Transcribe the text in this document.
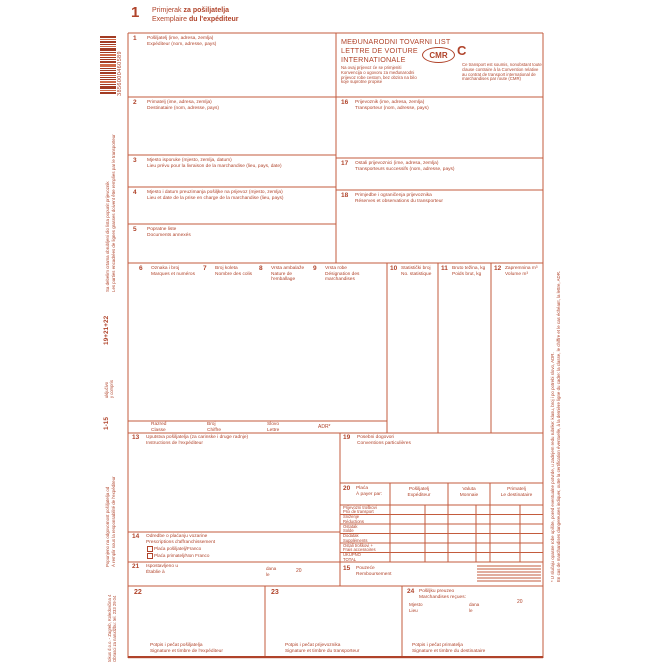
1 Primjerak za pošiljatelja
Exemplaire du l'expéditeur
3856000460589
MEĐUNARODNI TOVARNI LIST
LETTRE DE VOITURE
INTERNATIONALE	CMR C
Na ovaj prijevoz će se primjeniti Konvencija o ugovoru za međunarodni prijevoz robe cestom, bez obzira na bilo koje suprotne propise
Ce transport est soumis, nonobstant toute clause contraire à la Convention relative au contrat de transport international de marchandises par route (CMR)
1 Pošiljatelj (ime, adresa, zemlja)
Expéditeur (nom, adresse, pays)
2 Primatelj (ime, adresa, zemlja)
Destinataire (nom, adresse, pays)
3 Mjesto isporuke (mjesto, zemlja, datum)
Lieu prévu pour la livraison de la marchandise (lieu, pays, date)
4 Mjesto i datum preuzimanja pošiljke na prijevoz (mjesto, zemlja)
Lieu et date de la prise en charge de la marchandise (lieu, pays)
5 Popratne liste
Documents annexés
16 Prijevoznik (ime, adresa, zemlja)
Transporteur (nom, adresse, pays)
17 Ostali prijevoznici (ime, adresa, zemlja)
Transporteurs successifs (nom, adresse, pays)
18 Primjedbe i ograničenja prijevoznika
Réserves et observations du transporteur
6 Oznaka i broj
Marques et numéros
7 Broj koleta
Nombre des colis
8 Vrsta ambalaže
Nature de l'emballage
9 Vrsta robe
Désignation des marchandises
10 Statistički broj
No. statistique
11 Bruto težina, kg
Poids brut, kg
12 Zapremnina m³
Volume m³
Razred
Classe
Broj
Chiffre
Slovo
Lettre
ADR*
13 Uputstva pošiljatelja (za carinske i druge radnje)
Instructions de l'expéditeur
19 Posebni dogovori
Conventions particulières
20 Plaća
À payer par:
Pošiljatelj
Expéditeur
Valuta
Monnaie
Primatelj
Le destinataire
Prijevozni troškovi
Prix de transport
Sniženje
Réductions
Ostatak
Solde
Dodatak
Suppléments
Ostali troškovi +
Frais accessoires
UKUPNO
TOTAL
15 Pouzeće
Remboursement
14 Odredbe o plaćanju vozarine
Prescriptions d'affranchissement
Plaća pošiljatelj/Franco
Plaća primatelj/Non Franco
21 Ispostavljeno u
Établie à
dana
le
20
22
Potpis i pečat pošiljatelja
Signature et timbre de l'expéditeur
23
Potpis i pečat prijevoznika
Signature et timbre du transporteur
24 Pošiljku preuzeo
Marchandises reçues:
Mjesto
Lieu
dana
le
20
Potpis i pečat primatelja
Signature et timbre du destinataire
Sa debelim crtama obrubljeni dio lista popunit prijevoznik Les parties encadrées de lignes grasses doivent être remplies par le transporteur
19+21+22
uključivo y compris
1-15
Popunjeno na odgovornost pošiljatelja od À remplir sous la responsabilité de l'expéditeur
tokus d.o.o. - Zagreb, Koledovčina 4 Obrasci za narudžbu: tel. 233 29 04
* U slučaju opasne robe upišite, pored eventualne potvrde, u zadnjem redu rubrike: klasu, broj i po potrebi slovo, ADR. En cas de marchandises dangereuses indiquer, outre la certification éventuelle, à la dernière ligne du cadre: la classe, le chiffre et le cas échéant, la lettre, ADR.
